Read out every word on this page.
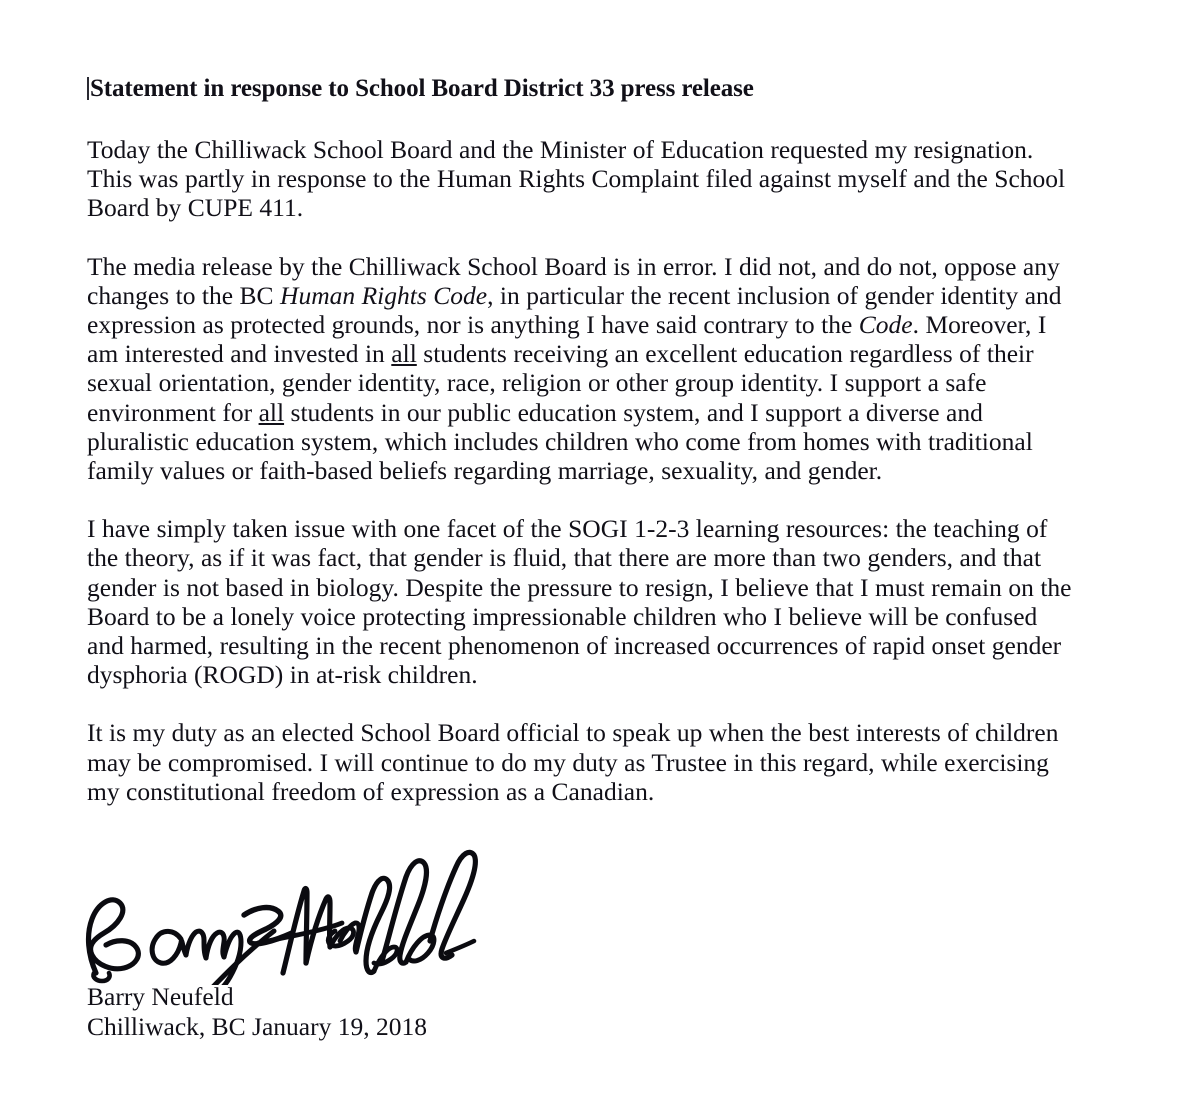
Statement in response to School Board District 33 press release

Today the Chilliwack School Board and the Minister of Education requested my resignation. This was partly in response to the Human Rights Complaint filed against myself and the School Board by CUPE 411.

The media release by the Chilliwack School Board is in error. I did not, and do not, oppose any changes to the BC Human Rights Code, in particular the recent inclusion of gender identity and expression as protected grounds, nor is anything I have said contrary to the Code. Moreover, I am interested and invested in all students receiving an excellent education regardless of their sexual orientation, gender identity, race, religion or other group identity. I support a safe environment for all students in our public education system, and I support a diverse and pluralistic education system, which includes children who come from homes with traditional family values or faith-based beliefs regarding marriage, sexuality, and gender.

I have simply taken issue with one facet of the SOGI 1-2-3 learning resources: the teaching of the theory, as if it was fact, that gender is fluid, that there are more than two genders, and that gender is not based in biology. Despite the pressure to resign, I believe that I must remain on the Board to be a lonely voice protecting impressionable children who I believe will be confused and harmed, resulting in the recent phenomenon of increased occurrences of rapid onset gender dysphoria (ROGD) in at-risk children.

It is my duty as an elected School Board official to speak up when the best interests of children may be compromised. I will continue to do my duty as Trustee in this regard, while exercising my constitutional freedom of expression as a Canadian.

Barry Neufeld
Chilliwack, BC January 19, 2018
